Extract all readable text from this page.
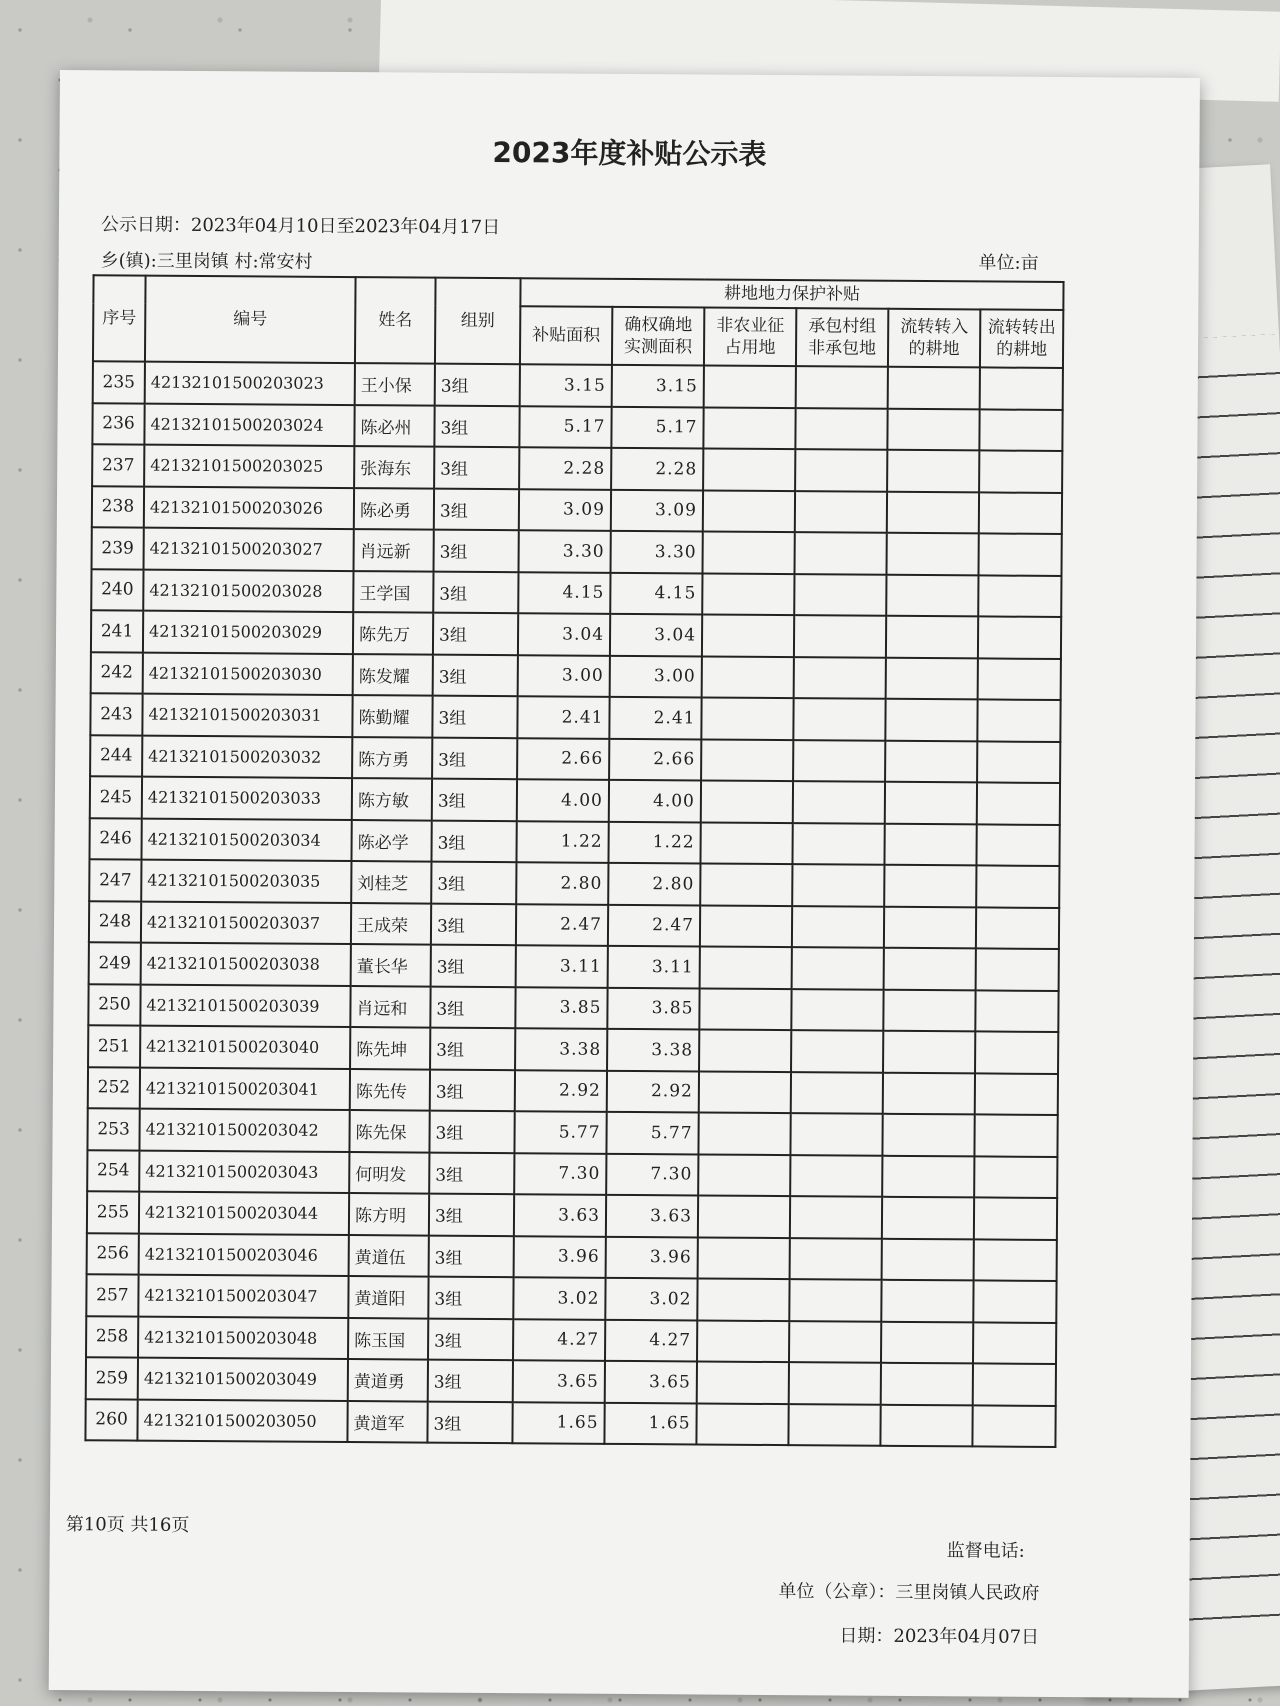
2023年度补贴公示表
公示日期：2023年04月10日至2023年04月17日
乡(镇):三里岗镇 村:常安村	单位:亩
序号	编号	姓名	组别	耕地地力保护补贴					
				补贴面积	确权确地实测面积	非农业征占用地	承包村组非承包地	流转转入的耕地	流转转出的耕地
235	42132101500203023	王小保	3组	3.15	3.15				
236	42132101500203024	陈必州	3组	5.17	5.17				
237	42132101500203025	张海东	3组	2.28	2.28				
238	42132101500203026	陈必勇	3组	3.09	3.09				
239	42132101500203027	肖远新	3组	3.30	3.30				
240	42132101500203028	王学国	3组	4.15	4.15				
241	42132101500203029	陈先万	3组	3.04	3.04				
242	42132101500203030	陈发耀	3组	3.00	3.00				
243	42132101500203031	陈勤耀	3组	2.41	2.41				
244	42132101500203032	陈方勇	3组	2.66	2.66				
245	42132101500203033	陈方敏	3组	4.00	4.00				
246	42132101500203034	陈必学	3组	1.22	1.22				
247	42132101500203035	刘桂芝	3组	2.80	2.80				
248	42132101500203037	王成荣	3组	2.47	2.47				
249	42132101500203038	董长华	3组	3.11	3.11				
250	42132101500203039	肖远和	3组	3.85	3.85				
251	42132101500203040	陈先坤	3组	3.38	3.38				
252	42132101500203041	陈先传	3组	2.92	2.92				
253	42132101500203042	陈先保	3组	5.77	5.77				
254	42132101500203043	何明发	3组	7.30	7.30				
255	42132101500203044	陈方明	3组	3.63	3.63				
256	42132101500203046	黄道伍	3组	3.96	3.96				
257	42132101500203047	黄道阳	3组	3.02	3.02				
258	42132101500203048	陈玉国	3组	4.27	4.27				
259	42132101500203049	黄道勇	3组	3.65	3.65				
260	42132101500203050	黄道军	3组	1.65	1.65				
第10页 共16页
监督电话:
单位（公章）：三里岗镇人民政府
日期：2023年04月07日
